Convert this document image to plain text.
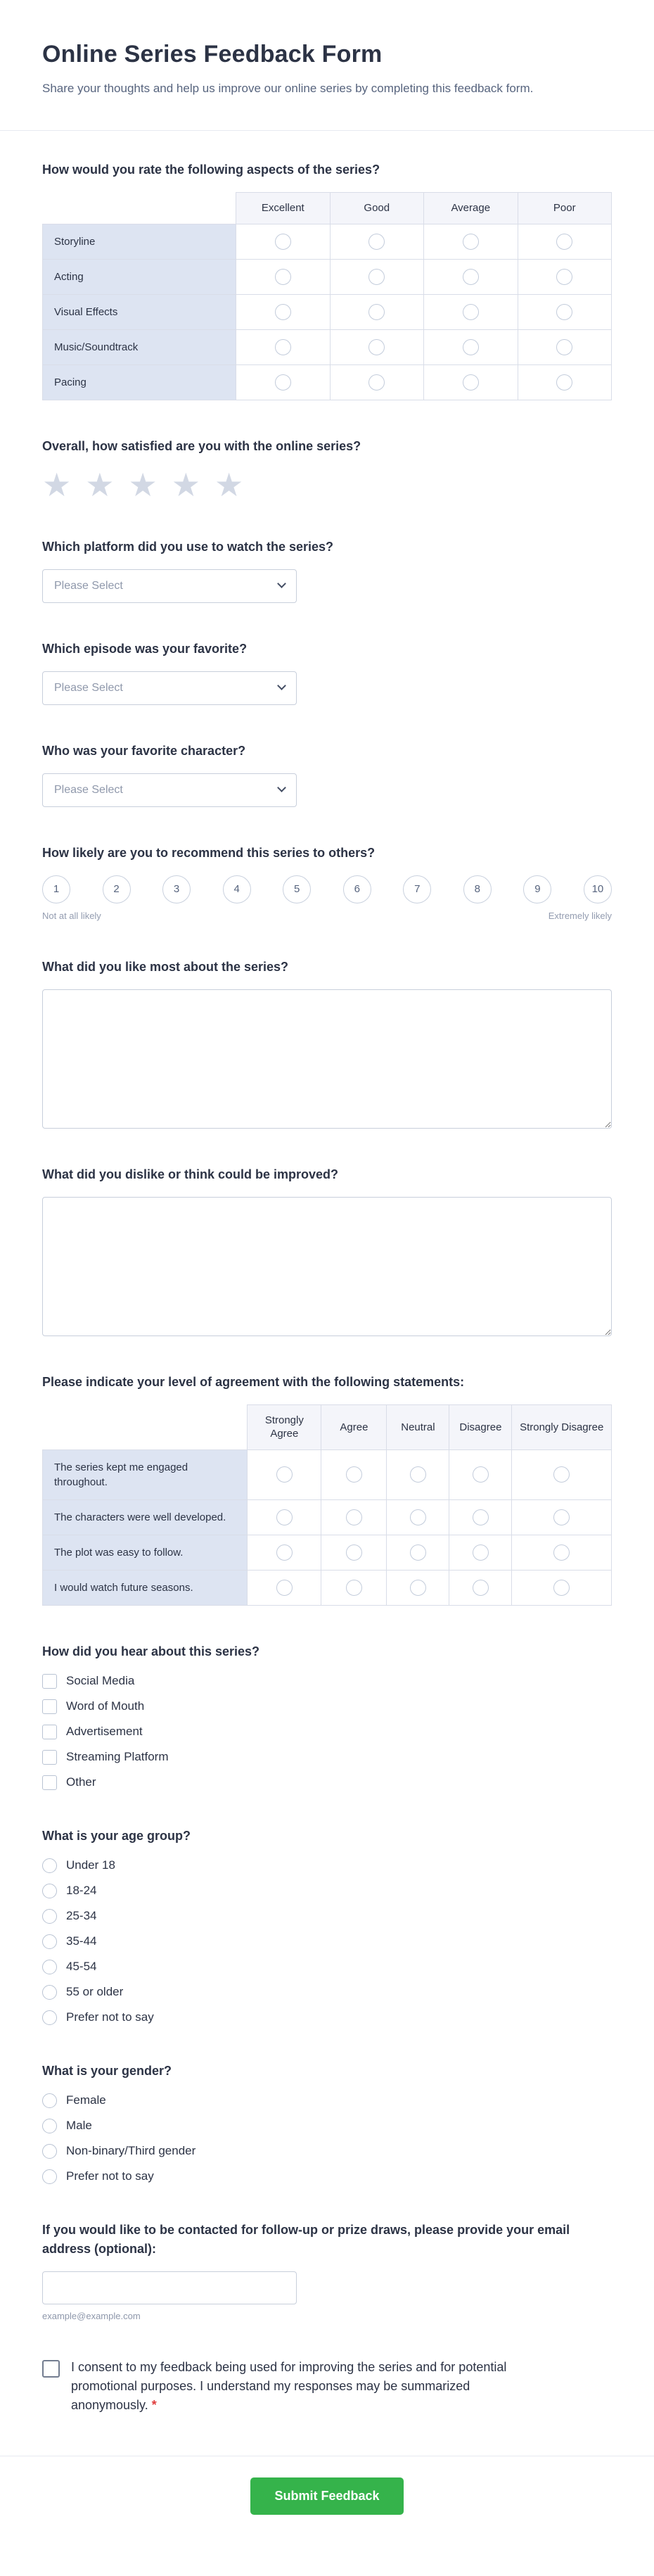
Online Series Feedback Form

Share your thoughts and help us improve our online series by completing this feedback form.

How would you rate the following aspects of the series?
	Excellent	Good	Average	Poor
Storyline				
Acting				
Visual Effects				
Music/Soundtrack				
Pacing				
Overall, how satisfied are you with the online series?
★ ★ ★ ★ ★
Which platform did you use to watch the series?
Please Select
Which episode was your favorite?
Please Select
Who was your favorite character?
Please Select
How likely are you to recommend this series to others?
1	2	3	4	5	6	7	8	9	10
Not at all likely	Extremely likely
What did you like most about the series?
What did you dislike or think could be improved?
Please indicate your level of agreement with the following statements:
	Strongly Agree	Agree	Neutral	Disagree	Strongly Disagree
The series kept me engaged throughout.					
The characters were well developed.					
The plot was easy to follow.					
I would watch future seasons.					
How did you hear about this series?
Social Media
Word of Mouth
Advertisement
Streaming Platform
Other
What is your age group?
Under 18
18-24
25-34
35-44
45-54
55 or older
Prefer not to say
What is your gender?
Female
Male
Non-binary/Third gender
Prefer not to say
If you would like to be contacted for follow-up or prize draws, please provide your email address (optional):
example@example.com
I consent to my feedback being used for improving the series and for potential promotional purposes. I understand my responses may be summarized anonymously. *
Submit Feedback
